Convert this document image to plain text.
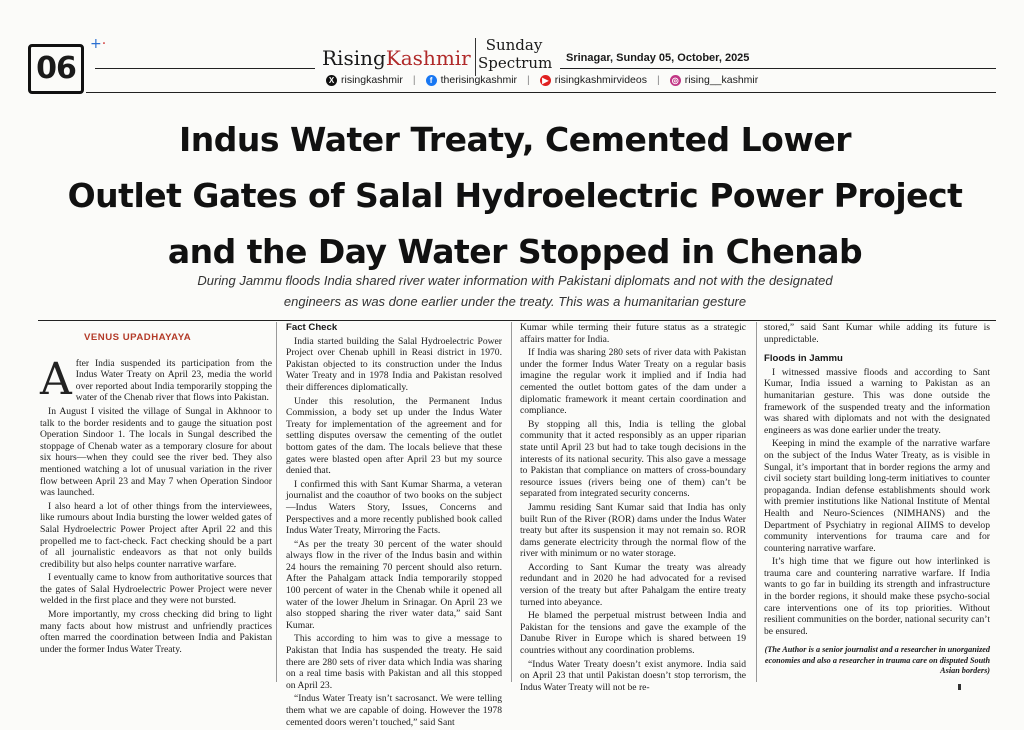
06
+·
RisingKashmir
Sunday
Spectrum Srinagar, Sunday 05, October, 2025
X risingkashmir |	f therisingkashmir |	▶ risingkashmirvideos | ◎ rising__kashmir
Indus Water Treaty, Cemented Lower
Outlet Gates of Salal Hydroelectric Power Project
and the Day Water Stopped in Chenab
During Jammu floods India shared river water information with Pakistani diplomats and not with the designated
engineers as was done earlier under the treaty. This was a humanitarian gesture
VENUS UPADHAYAYA

After India suspended its participation from the Indus Water Treaty on April 23, media the world over reported about India temporarily stopping the water of the Chenab river that flows into Pakistan.

In August I visited the village of Sungal in Akhnoor to talk to the border residents and to gauge the situation post Operation Sindoor 1. The locals in Sungal described the stoppage of Chenab water as a temporary closure for about six hours—when they could see the river bed. They also mentioned watching a lot of unusual variation in the river flow between April 23 and May 7 when Operation Sindoor was launched.

I also heard a lot of other things from the interviewees, like rumours about India bursting the lower welded gates of Salal Hydroelectric Power Project after April 22 and this propelled me to fact-check. Fact checking should be a part of all journalistic endeavors as that not only builds credibility but also helps counter narrative warfare.

I eventually came to know from authoritative sources that the gates of Salal Hydroelectric Power Project were never welded in the first place and they were not bursted.

More importantly, my cross checking did bring to light many facts about how mistrust and unfriendly practices often marred the coordination between India and Pakistan under the former Indus Water Treaty.

Fact Check

India started building the Salal Hydroelectric Power Project over Chenab uphill in Reasi district in 1970. Pakistan objected to its construction under the Indus Water Treaty and in 1978 India and Pakistan resolved their differences diplomatically.

Under this resolution, the Permanent Indus Commission, a body set up under the Indus Water Treaty for implementation of the agreement and for settling disputes oversaw the cementing of the outlet bottom gates of the dam. The locals believe that these gates were blasted open after April 23 but my source denied that.

I confirmed this with Sant Kumar Sharma, a veteran journalist and the coauthor of two books on the subject—Indus Waters Story, Issues, Concerns and Perspectives and a more recently published book called Indus Water Treaty, Mirroring the Facts.

“As per the treaty 30 percent of the water should always flow in the river of the Indus basin and within 24 hours the remaining 70 percent should also return. After the Pahalgam attack India temporarily stopped 100 percent of water in the Chenab while it opened all water of the lower Jhelum in Srinagar. On April 23 we also stopped sharing the river water data,” said Sant Kumar.

This according to him was to give a message to Pakistan that India has suspended the treaty. He said there are 280 sets of river data which India was sharing on a real time basis with Pakistan and all this stopped on April 23.

“Indus Water Treaty isn’t sacrosanct. We were telling them what we are capable of doing. However the 1978 cemented doors weren’t touched,” said Sant

Kumar while terming their future status as a strategic affairs matter for India.

If India was sharing 280 sets of river data with Pakistan under the former Indus Water Treaty on a regular basis imagine the regular work it implied and if India had cemented the outlet bottom gates of the dam under a diplomatic framework it meant certain coordination and compliance.

By stopping all this, India is telling the global community that it acted responsibly as an upper riparian state until April 23 but had to take tough decisions in the interests of its national security. This also gave a message to Pakistan that compliance on matters of cross-boundary resource issues (rivers being one of them) can’t be separated from integrated security concerns.

Jammu residing Sant Kumar said that India has only built Run of the River (ROR) dams under the Indus Water treaty but after its suspension it may not remain so. ROR dams generate electricity through the normal flow of the river with minimum or no water storage.

According to Sant Kumar the treaty was already redundant and in 2020 he had advocated for a revised version of the treaty but after Pahalgam the entire treaty turned into abeyance.

He blamed the perpetual mistrust between India and Pakistan for the tensions and gave the example of the Danube River in Europe which is shared between 19 countries without any coordination problems.

“Indus Water Treaty doesn’t exist anymore. India said on April 23 that until Pakistan doesn’t stop terrorism, the Indus Water Treaty will not be re-

stored,” said Sant Kumar while adding its future is unpredictable.

Floods in Jammu

I witnessed massive floods and according to Sant Kumar, India issued a warning to Pakistan as an humanitarian gesture. This was done outside the framework of the suspended treaty and the information was shared with diplomats and not with the designated engineers as was done earlier under the treaty.

Keeping in mind the example of the narrative warfare on the subject of the Indus Water Treaty, as is visible in Sungal, it’s important that in border regions the army and civil society start building long-term initiatives to counter propaganda. Indian defense establishments should work with premier institutions like National Institute of Mental Health and Neuro-Sciences (NIMHANS) and the Department of Psychiatry in regional AIIMS to develop community interventions for trauma care and for countering narrative warfare.

It’s high time that we figure out how interlinked is trauma care and countering narrative warfare. If India wants to go far in building its strength and infrastructure in the border regions, it should make these psycho-social care interventions one of its top priorities. Without resilient communities on the border, national security can’t be ensured.

(The Author is a senior journalist and a researcher in unorganized economies and also a researcher in trauma care on disputed South Asian borders)
